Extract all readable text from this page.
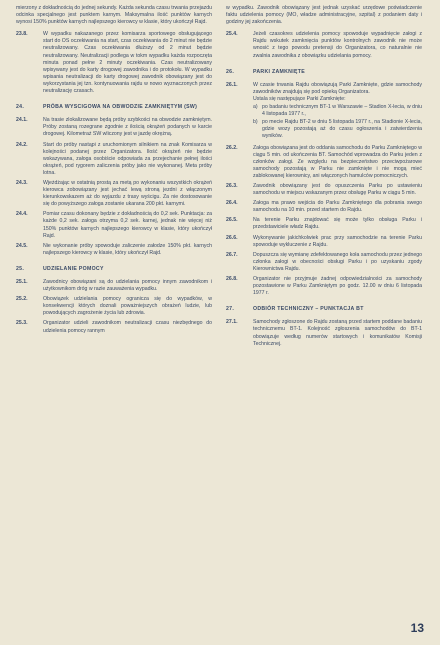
mierzony z dokładnością do jednej sekundy. Każda sekunda czasu trwania przejazdu odcinka specjalnego jest punktem karnym. Maksymalna ilość punktów karnych wynosi 150% punktów karnych najlepszego kierowcy w klasie, który ukończył Rajd.
23.8.	W wypadku nakazanego przez komisarza sportowego obsługującego start do OS oczekiwania na start, czas oczekiwania do 2 minut nie będzie neutralizowany. Czas oczekiwania dłuższy od 2 minut będzie neutralizowany. Neutralizacji podlega w tokm wypadku każda rozpoczęta minuta ponad pełne 2 minuty oczekiwania. Czas neutralizowany wpisywany jest do karty drogowej zawodnika i do protokołu. W wypadku wpisania neutralizacji do karty drogowej zawodnik obowiązany jest do wykorzystania jej tzn. kontynuowania rajdu w nowo wyznaczonych przez neutralizację czasach.
24.	PRÓBA WYSCIGOWA NA OBWODZIE ZAMKNIĘTYM (SW)
24.1.	Na trasie zlokalizowane będą próby szybkości na obwodzie zamkniętym. Próby zostaną rozegrane zgodnie z ilością okrążeń podanych w karcie drogowej. Kilometraż SW wliczony jest w jazdę okrężną.
24.2.	Start do próby nastąpi z uruchomionym silnikiem na znak Komisarza w kolejności podanej przez Organizatora. Ilość okrążeń nie będzie wskazywana, załoga osobiście odpowiada za przejechanie pełnej ilości okrążeń, pod rygorem zaliczenia próby jako nie wykonanej. Meta próby lotna.
24.3.	Wjeżdżając w ostatnią prostą za metą po wykonaniu wszystkich okrążeń kierowca zobowiązany jest jechać lewą stroną jezdni z włączonym kierunkowskazem aż do wyjazdu z trasy wyścigu. Za nie dostosowanie się do powyższego załoga zostanie ukarana 200 pkt. karnymi.
24.4.	Pomiar czasu dokonany będzie z dokładnością do 0,2 sek. Punktacja: za każde 0,2 sek. załoga otrzyma 0,2 sek. karnej, jednak nie więcej niż 150% punktów karnych najlepszego kierowcy w klasie, który ukończył Rajd.
24.5.	Nie wykonanie próby spowoduje zaliczenie załodze 150% pkt. karnych najlepszego kierowcy w klasie, który ukończył Rajd.
25.	UDZIELANIE POMOCY
25.1.	Zawodnicy obowiązani są do udzielania pomocy innym zawodnikom i użytkownikom dróg w razie zauważenia wypadku.
25.2.	Obowiązek udzielania pomocy ogranicza się do wypadków, w konsekwencji których doznali poważniejszych obrażeń ludzie, lub powodujących zagrożenie życia lub zdrowia.
25.3.	Organizator udzieli zawodnikom neutralizacji czasu niezbędnego do udzielenia pomocy rannym
w wypadku. Zawodnik obowiązany jest jednak uzyskać urzędowe poświadczenie faktu udzielenia pomocy (MO, władze administracyjne, szpital) z podaniem daty i godziny jej zakończenia.
25.4.	Jeżeli czasokres udzielenia pomocy spowoduje wypadnięcie załogi z Rajdu wskutek zamknięcia punktów kontrolnych zawodnik nie może wnosić z tego powodu pretensji do Organizatora, co naturalnie nie zwalnia zawodnika z obowiązku udzielania pomocy.
26.	PARKI ZAMKNIĘTE
26.1.	W czasie trwania Rajdu obowiązują Parki Zamknięte, gdzie samochody zawodników znajdują się pod opieką Organizatora.
Ustala się następujące Parki Zamknięte:
a) po badaniu technicznym BT-1 w Warszawie – Stadion X-lecia, w dniu 4 listopada 1977 r.,
b) po mecie Rajdu BT-2 w dniu 5 listopada 1977 r., na Stadionie X-lecia, gdzie wozy pozostają aż do czasu ogłoszenia i zatwierdzenia wyników.
26.2.	Załoga obowiązana jest do oddania samochodu do Parku Zamkniętego w ciągu 5 min. od ukończenia BT. Samochód wprowadza do Parku jeden z członków załogi. Ze względu na bezpieczeństwo przeciwpożarowe samochody pozostają w Parku nie zamknięte i nie mogą mieć zablokowanej kierownicy, ani włączonych hamulców pomocniczych.
26.3.	Zawodnik obowiązany jest do opuszczenia Parku po ustawieniu samochodu w miejscu wskazanym przez obsługę Parku w ciągu 5 min.
26.4.	Załoga ma prawo wejścia do Parku Zamkniętego dla pobrania swego samochodu na 10 min. przed startem do Rajdu.
26.5.	Na terenie Parku znajdować się może tylko obsługa Parku i przedstawiciele władz Rajdu.
26.6.	Wykonywanie jakichkolwiek prac przy samochodzie na terenie Parku spowoduje wykluczenie z Rajdu.
26.7.	Dopuszcza się wymianę zdefektowanego koła samochodu przez jednego członka załogi w obecności obsługi Parku i po uzyskaniu zgody Kierownictwa Rajdu.
26.8.	Organizator nie przyjmuje żadnej odpowiedzialności za samochody pozostawione w Parku Zamkniętym po godz. 12.00 w dniu 6 listopada 1977 r.
27.	ODBIÓR TECHNICZNY – PUNKTACJA BT
27.1.	Samochody zgłoszone do Rajdu zostaną przed startem poddane badaniu technicznemu BT-1. Kolejność zgłoszenia samochodów do BT-1 obowiązuje według numerów startowych i komunikatów Komisji Technicznej.
13
